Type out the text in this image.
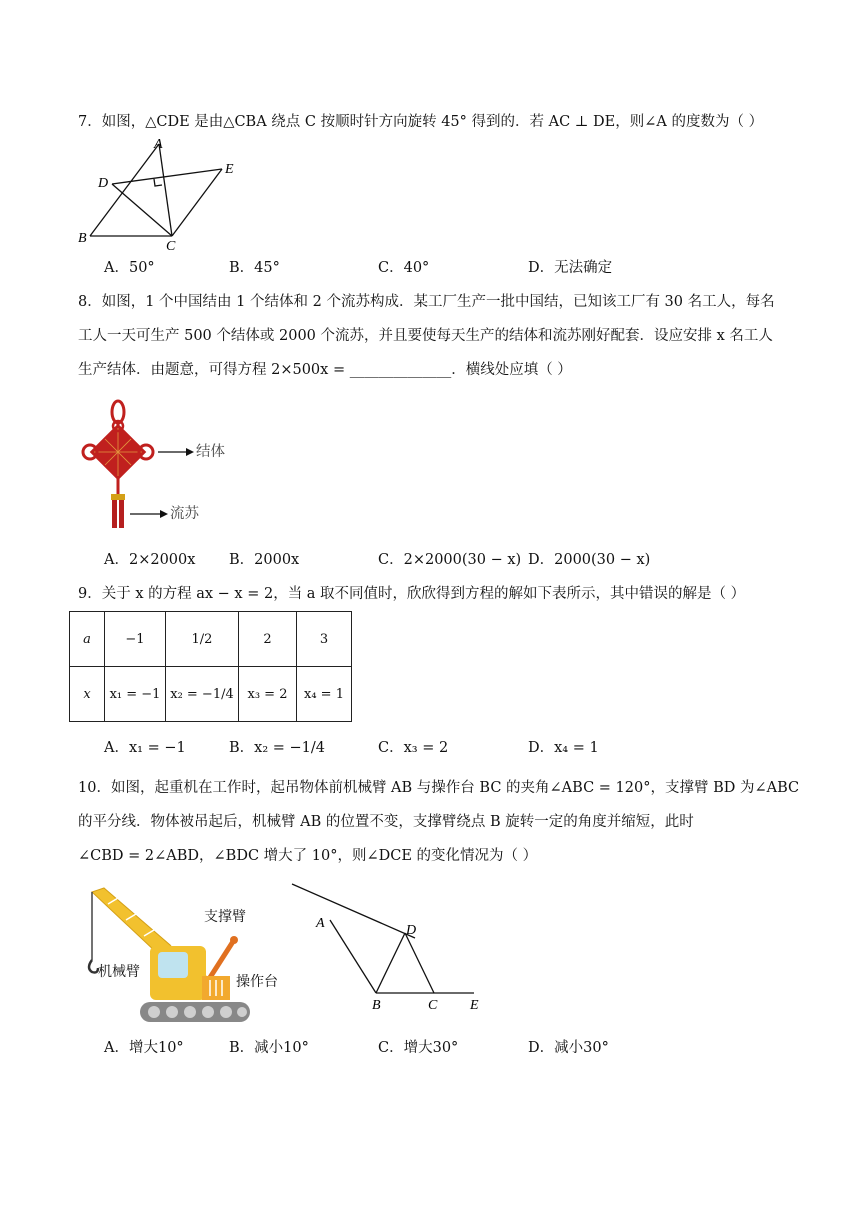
7．如图，△CDE 是由△CBA 绕点 C 按顺时针方向旋转 45° 得到的．若 AC ⊥ DE，则∠A 的度数为（ ）
A
B
C
D
E
A．50°	B．45°	C．40°	D．无法确定
8．如图，1 个中国结由 1 个结体和 2 个流苏构成．某工厂生产一批中国结，已知该工厂有 30 名工人，每名
工人一天可生产 500 个结体或 2000 个流苏，并且要使每天生产的结体和流苏刚好配套．设应安排 x 名工人
生产结体．由题意，可得方程 2×500x = ______________．横线处应填（ ）
结体
流苏
A．2×2000x B．2000x	C．2×2000(30 − x) D．2000(30 − x)
9．关于 x 的方程 ax − x = 2，当 a 取不同值时，欣欣得到方程的解如下表所示，其中错误的解是（ ）
a	−1	1/2	2	3
x	x₁ = −1	x₂ = −1/4	x₃ = 2	x₄ = 1
A．x₁ = −1	B．x₂ = −1/4	C．x₃ = 2	D．x₄ = 1
10．如图，起重机在工作时，起吊物体前机械臂 AB 与操作台 BC 的夹角∠ABC = 120°，支撑臂 BD 为∠ABC
的平分线．物体被吊起后，机械臂 AB 的位置不变，支撑臂绕点 B 旋转一定的角度并缩短，此时
∠CBD = 2∠ABD，∠BDC 增大了 10°，则∠DCE 的变化情况为（ ）
支撑臂
机械臂
操作台
A
B	C
D
E
A．增大10°	B．减小10°	C．增大30°	D．减小30°
